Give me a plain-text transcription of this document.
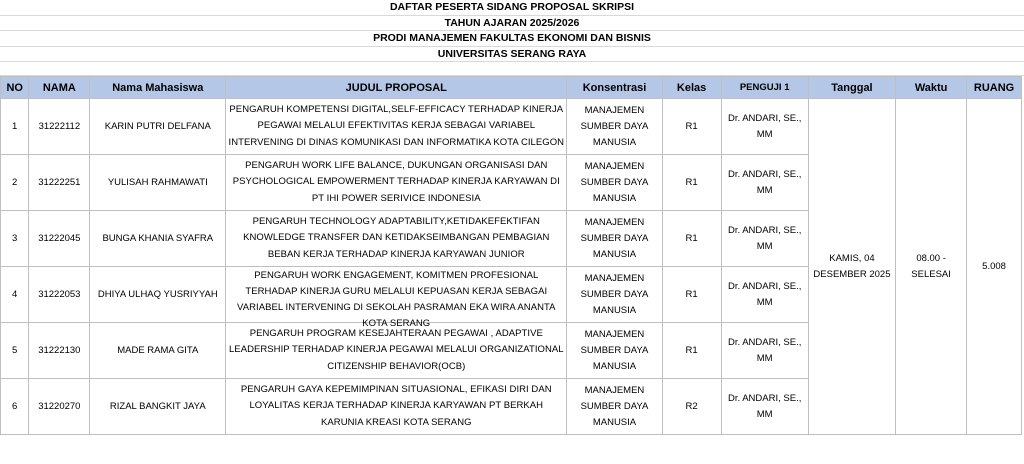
DAFTAR PESERTA SIDANG PROPOSAL SKRIPSI
TAHUN AJARAN 2025/2026
PRODI MANAJEMEN FAKULTAS EKONOMI DAN BISNIS
UNIVERSITAS SERANG RAYA
NO	NAMA	Nama Mahasiswa	JUDUL PROPOSAL	Konsentrasi	Kelas	PENGUJI 1	Tanggal	Waktu	RUANG
1	31222112	KARIN PUTRI DELFANA	PENGARUH KOMPETENSI DIGITAL,SELF-EFFICACY TERHADAP KINERJA PEGAWAI MELALUI EFEKTIVITAS KERJA SEBAGAI VARIABEL INTERVENING DI DINAS KOMUNIKASI DAN INFORMATIKA KOTA CILEGON	MANAJEMEN SUMBER DAYA MANUSIA	R1	Dr. ANDARI, SE., MM	KAMIS, 04 DESEMBER 2025	08.00 - SELESAI	5.008
2	31222251	YULISAH RAHMAWATI	PENGARUH WORK LIFE BALANCE, DUKUNGAN ORGANISASI DAN PSYCHOLOGICAL EMPOWERMENT TERHADAP KINERJA KARYAWAN DI PT IHI POWER SERIVICE INDONESIA	MANAJEMEN SUMBER DAYA MANUSIA	R1	Dr. ANDARI, SE., MM			
3	31222045	BUNGA KHANIA SYAFRA	PENGARUH TECHNOLOGY ADAPTABILITY,KETIDAKEFEKTIFAN KNOWLEDGE TRANSFER DAN KETIDAKSEIMBANGAN PEMBAGIAN BEBAN KERJA TERHADAP KINERJA KARYAWAN JUNIOR	MANAJEMEN SUMBER DAYA MANUSIA	R1	Dr. ANDARI, SE., MM			
4	31222053	DHIYA ULHAQ YUSRIYYAH	PENGARUH WORK ENGAGEMENT, KOMITMEN PROFESIONAL TERHADAP KINERJA GURU MELALUI KEPUASAN KERJA SEBAGAI VARIABEL INTERVENING DI SEKOLAH PASRAMAN EKA WIRA ANANTA KOTA SERANG	MANAJEMEN SUMBER DAYA MANUSIA	R1	Dr. ANDARI, SE., MM			
5	31222130	MADE RAMA GITA	PENGARUH PROGRAM KESEJAHTERAAN PEGAWAI , ADAPTIVE LEADERSHIP TERHADAP KINERJA PEGAWAI MELALUI ORGANIZATIONAL CITIZENSHIP BEHAVIOR(OCB)	MANAJEMEN SUMBER DAYA MANUSIA	R1	Dr. ANDARI, SE., MM			
6	31220270	RIZAL BANGKIT JAYA	PENGARUH GAYA KEPEMIMPINAN SITUASIONAL, EFIKASI DIRI DAN LOYALITAS KERJA TERHADAP KINERJA KARYAWAN PT BERKAH KARUNIA KREASI KOTA SERANG	MANAJEMEN SUMBER DAYA MANUSIA	R2	Dr. ANDARI, SE., MM			
